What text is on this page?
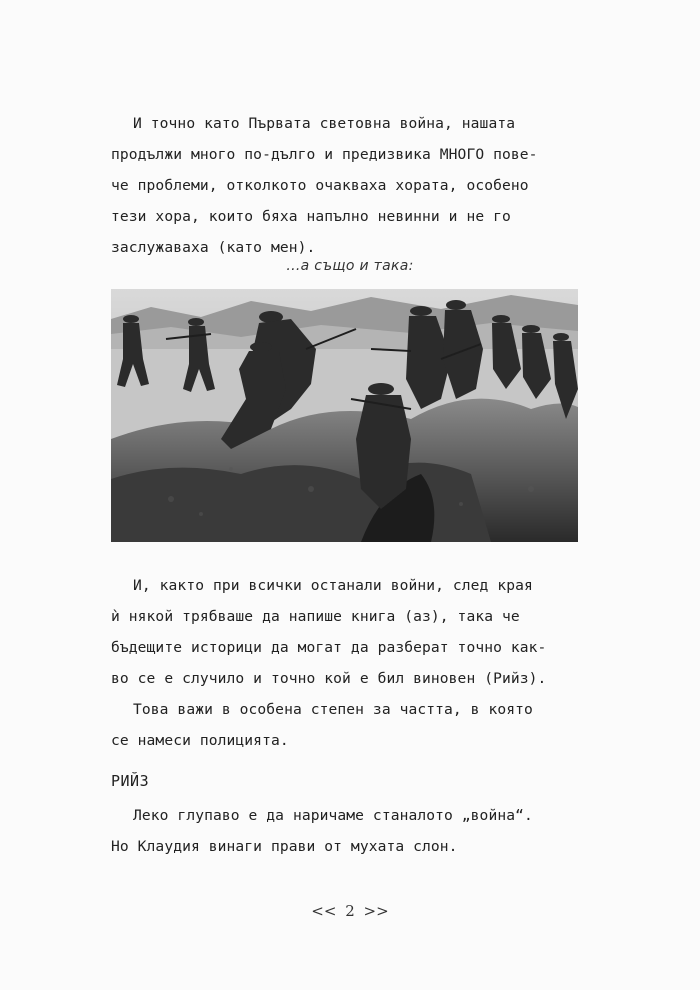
И точно като Първата световна война, нашата
продължи много по-дълго и предизвика МНОГО пове-
че проблеми, отколкото очакваха хората, особено
тези хора, които бяха напълно невинни и не го
заслужаваха (като мен).
...а също и така:
И, както при всички останали войни, след края
ѝ някой трябваше да напише книга (аз), така че
бъдещите историци да могат да разберат точно как-
во се е случило и точно кой е бил виновен (Рийз).
Това важи в особена степен за частта, в която
се намеси полицията.
РИЙЗ
Леко глупаво е да наричаме станалото „война“.
Но Клаудия винаги прави от мухата слон.
<< 2 >>
